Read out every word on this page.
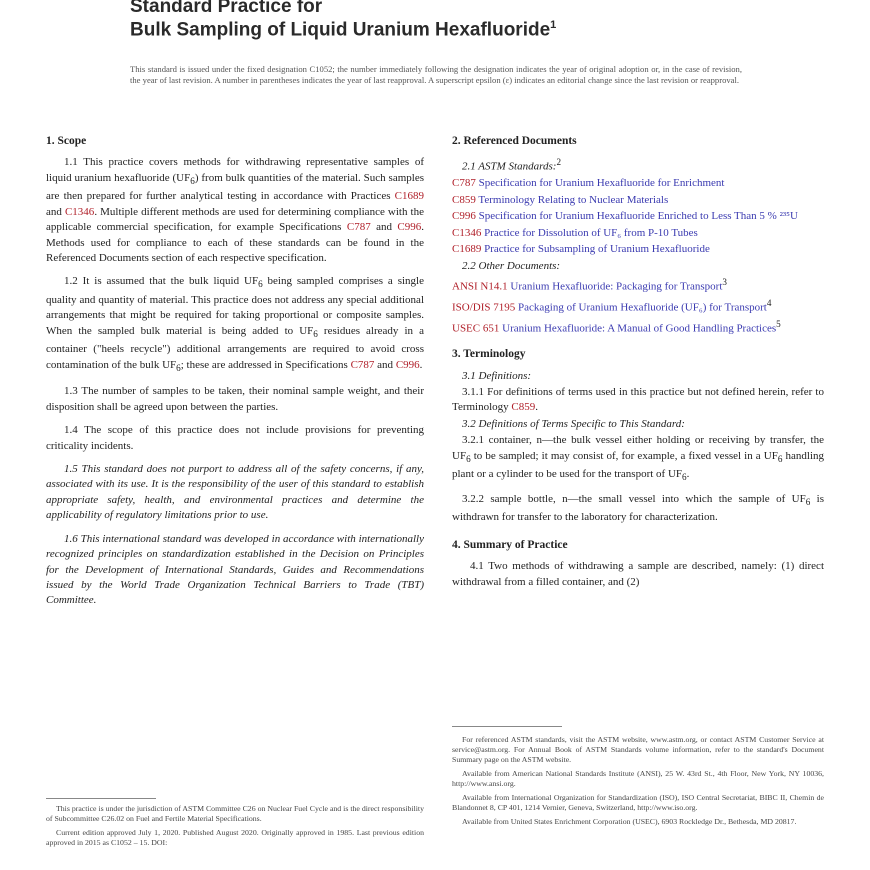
Standard Practice for
Bulk Sampling of Liquid Uranium Hexafluoride$^1$
This standard is issued under the fixed designation C1052; the number immediately following the designation indicates the year of original adoption or, in the case of revision, the year of last revision. A number in parentheses indicates the year of last reapproval. A superscript epsilon (ε) indicates an editorial change since the last revision or reapproval.
1. Scope

1.1 This practice covers methods for withdrawing representative samples of liquid uranium hexafluoride $(UF_6)$ from bulk quantities of the material. Such samples are then prepared for further analytical testing in accordance with Practices C1689 and C1346. Multiple different methods are used for determining compliance with the applicable commercial specification, for example Specifications C787 and C996. Methods used for compliance to each of these standards can be found in the Referenced Documents section of each respective specification.

1.2 It is assumed that the bulk liquid $UF_6$ being sampled comprises a single quality and quantity of material. This practice does not address any special additional arrangements that might be required for taking proportional or composite samples. When the sampled bulk material is being added to $UF_6$ residues already in a container ("heels recycle") additional arrangements are required to avoid cross contamination of the bulk $UF_6$; these are addressed in Specifications C787 and C996.

1.3 The number of samples to be taken, their nominal sample weight, and their disposition shall be agreed upon between the parties.

1.4 The scope of this practice does not include provisions for preventing criticality incidents.

1.5 This standard does not purport to address all of the safety concerns, if any, associated with its use. It is the responsibility of the user of this standard to establish appropriate safety, health, and environmental practices and determine the applicability of regulatory limitations prior to use.

1.6 This international standard was developed in accordance with internationally recognized principles on standardization established in the Decision on Principles for the Development of International Standards, Guides and Recommendations issued by the World Trade Organization Technical Barriers to Trade (TBT) Committee.

2. Referenced Documents

2.1 ASTM Standards:$^2$

C787 Specification for Uranium Hexafluoride for Enrichment

C859 Terminology Relating to Nuclear Materials

C996 Specification for Uranium Hexafluoride Enriched to Less Than 5 % ²³⁵U

C1346 Practice for Dissolution of UF₆ from P-10 Tubes

C1689 Practice for Subsampling of Uranium Hexafluoride

2.2 Other Documents:

ANSI N14.1 Uranium Hexafluoride: Packaging for Transport$^3$

ISO/DIS 7195 Packaging of Uranium Hexafluoride (UF₆) for Transport$^4$

USEC 651 Uranium Hexafluoride: A Manual of Good Handling Practices$^5$

3. Terminology

3.1 Definitions:

3.1.1 For definitions of terms used in this practice but not defined herein, refer to Terminology C859.

3.2 Definitions of Terms Specific to This Standard:

3.2.1 container, n—the bulk vessel either holding or receiving by transfer, the $UF_6$ to be sampled; it may consist of, for example, a fixed vessel in a $UF_6$ handling plant or a cylinder to be used for the transport of $UF_6$.

3.2.2 sample bottle, n—the small vessel into which the sample of $UF_6$ is withdrawn for transfer to the laboratory for characterization.

4. Summary of Practice

4.1 Two methods of withdrawing a sample are described, namely: (1) direct withdrawal from a filled container, and (2)

This practice is under the jurisdiction of ASTM Committee C26 on Nuclear Fuel Cycle and is the direct responsibility of Subcommittee C26.02 on Fuel and Fertile Material Specifications.

Current edition approved July 1, 2020. Published August 2020. Originally approved in 1985. Last previous edition approved in 2015 as C1052 – 15. DOI:

For referenced ASTM standards, visit the ASTM website, www.astm.org, or contact ASTM Customer Service at service@astm.org. For Annual Book of ASTM Standards volume information, refer to the standard's Document Summary page on the ASTM website.

Available from American National Standards Institute (ANSI), 25 W. 43rd St., 4th Floor, New York, NY 10036, http://www.ansi.org.

Available from International Organization for Standardization (ISO), ISO Central Secretariat, BIBC II, Chemin de Blandonnet 8, CP 401, 1214 Vernier, Geneva, Switzerland, http://www.iso.org.

Available from United States Enrichment Corporation (USEC), 6903 Rockledge Dr., Bethesda, MD 20817.
